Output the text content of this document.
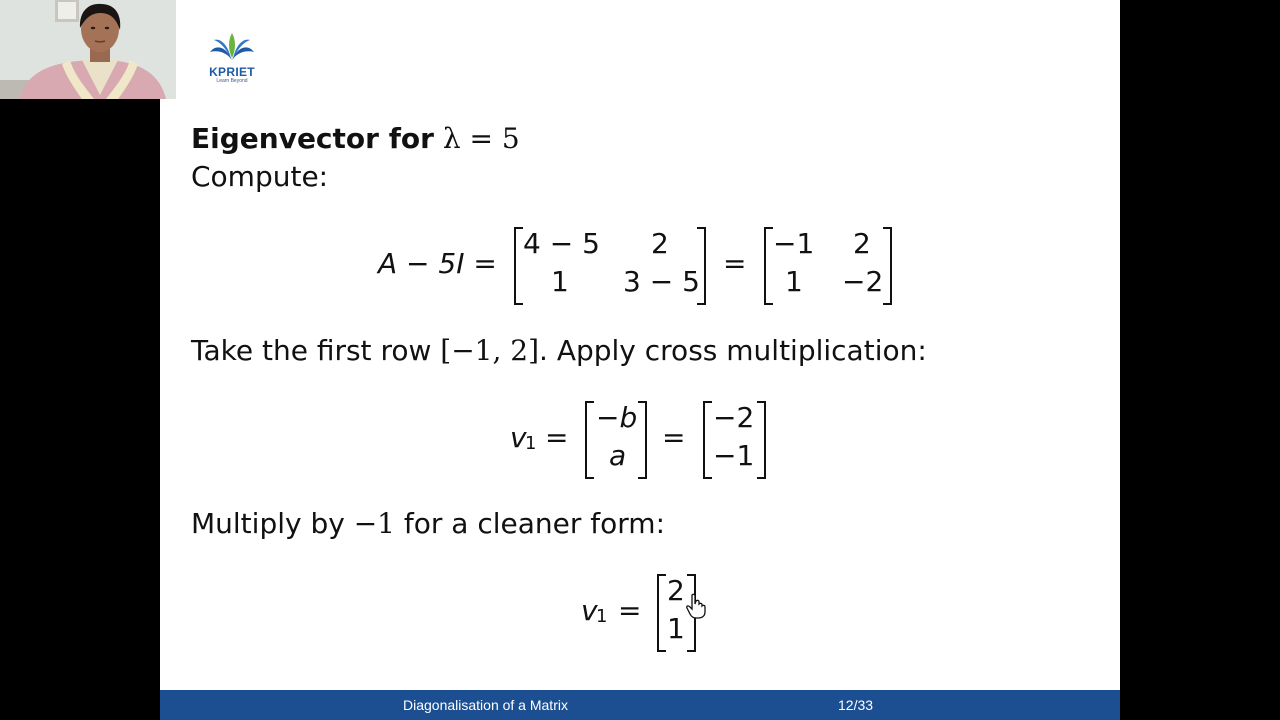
Eigenvector for λ = 5
Compute:
A − 5I =
4 − 5 2
1 3 − 5
=
−1 2
1 −2
Take the first row [−1, 2]. Apply cross multiplication:
v
1 =
−b
a
=
−2
−1
Multiply by −1 for a cleaner form:
v
1 =
2
1
Diagonalisation of a Matrix	12/33
KPRIET
Learn Beyond
